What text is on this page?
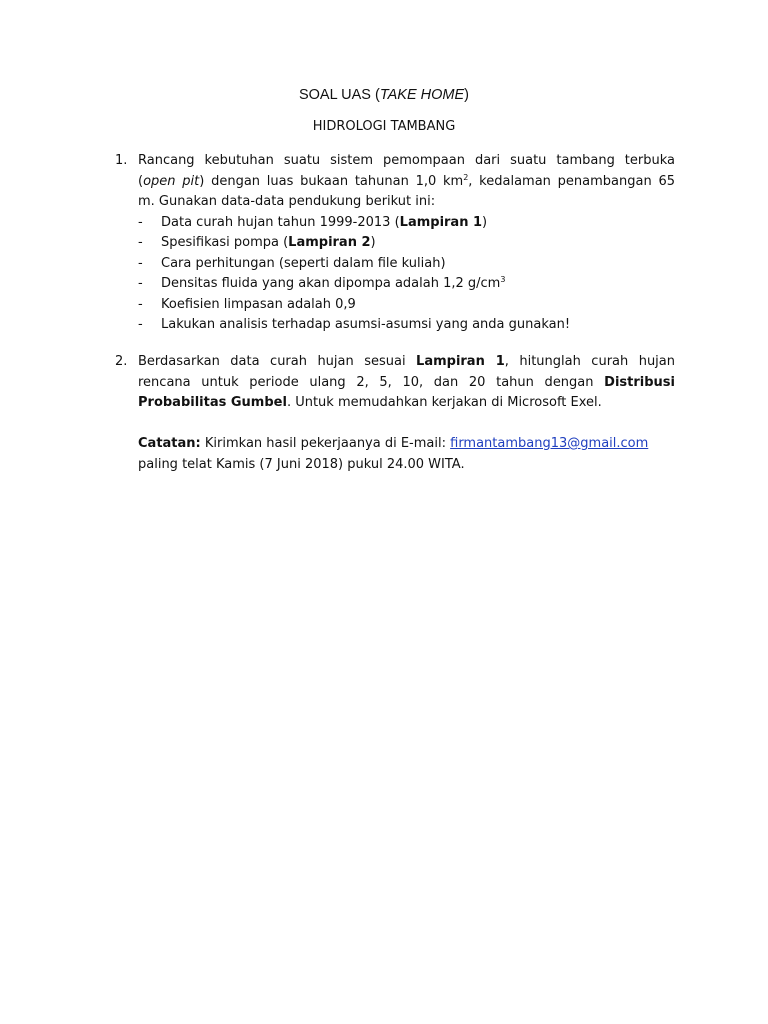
SOAL UAS (TAKE HOME)
HIDROLOGI TAMBANG
1. Rancang kebutuhan suatu sistem pemompaan dari suatu tambang terbuka
(open pit) dengan luas bukaan tahunan 1,0 $km^2$, kedalaman penambangan 65
m. Gunakan data-data pendukung berikut ini:
- Data curah hujan tahun 1999-2013 (Lampiran 1)
- Spesifikasi pompa (Lampiran 2)
- Cara perhitungan (seperti dalam file kuliah)
- Densitas fluida yang akan dipompa adalah 1,2 $g/cm^3$
- Koefisien limpasan adalah 0,9
- Lakukan analisis terhadap asumsi-asumsi yang anda gunakan!
2. Berdasarkan data curah hujan sesuai Lampiran 1, hitunglah curah hujan
rencana untuk periode ulang 2, 5, 10, dan 20 tahun dengan Distribusi
Probabilitas Gumbel. Untuk memudahkan kerjakan di Microsoft Exel.
Catatan: Kirimkan hasil pekerjaanya di E-mail: firmantambang13@gmail.com
paling telat Kamis (7 Juni 2018) pukul 24.00 WITA.
